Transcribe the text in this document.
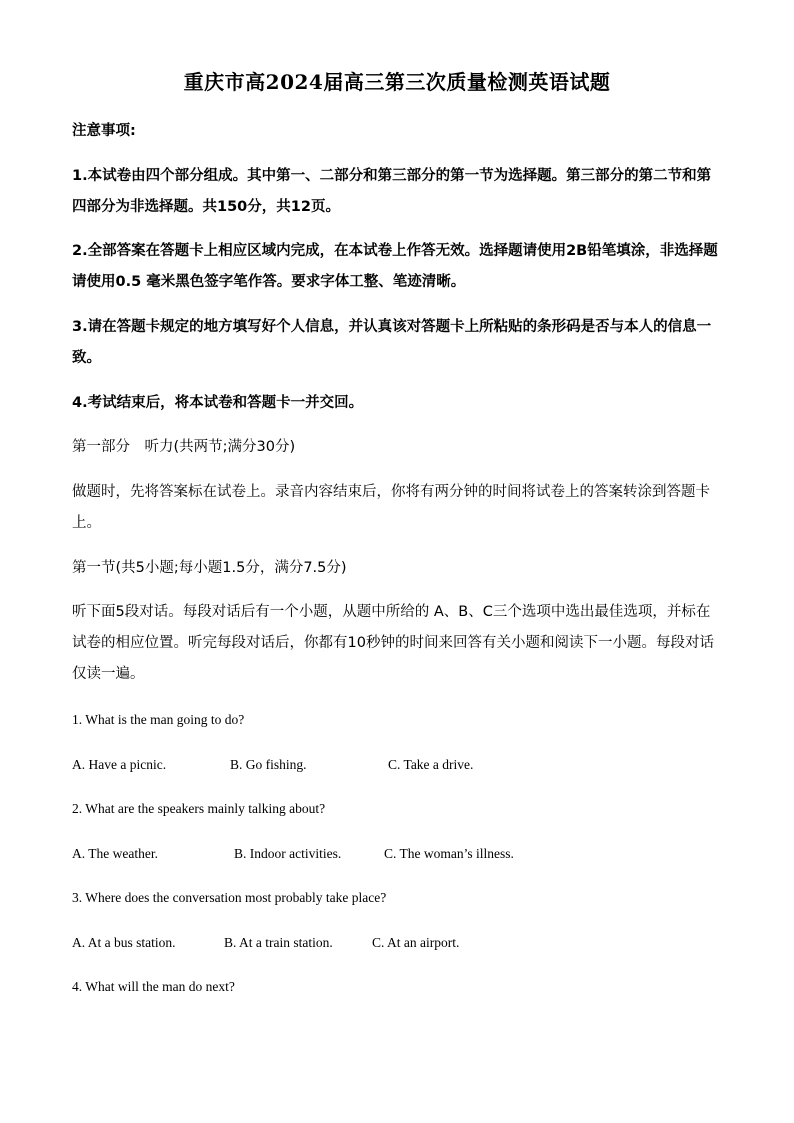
重庆市高2024届高三第三次质量检测英语试题
注意事项:
1.本试卷由四个部分组成。其中第一、二部分和第三部分的第一节为选择题。第三部分的第二节和第四部分为非选择题。共150分，共12页。
2.全部答案在答题卡上相应区域内完成，在本试卷上作答无效。选择题请使用2B铅笔填涂，非选择题请使用0.5 毫米黑色签字笔作答。要求字体工整、笔迹清晰。
3.请在答题卡规定的地方填写好个人信息，并认真该对答题卡上所粘贴的条形码是否与本人的信息一致。
4.考试结束后，将本试卷和答题卡一并交回。
第一部分　听力(共两节;满分30分)
做题时，先将答案标在试卷上。录音内容结束后，你将有两分钟的时间将试卷上的答案转涂到答题卡上。
第一节(共5小题;每小题1.5分，满分7.5分)
听下面5段对话。每段对话后有一个小题，从题中所给的 A、B、C三个选项中选出最佳选项，并标在试卷的相应位置。听完每段对话后，你都有10秒钟的时间来回答有关小题和阅读下一小题。每段对话仅读一遍。
1. What is the man going to do?
A. Have a picnic.	B. Go fishing.	C. Take a drive.
2. What are the speakers mainly talking about?
A. The weather.	B. Indoor activities.	C. The woman’s illness.
3. Where does the conversation most probably take place?
A. At a bus station.	B. At a train station.	C. At an airport.
4. What will the man do next?
